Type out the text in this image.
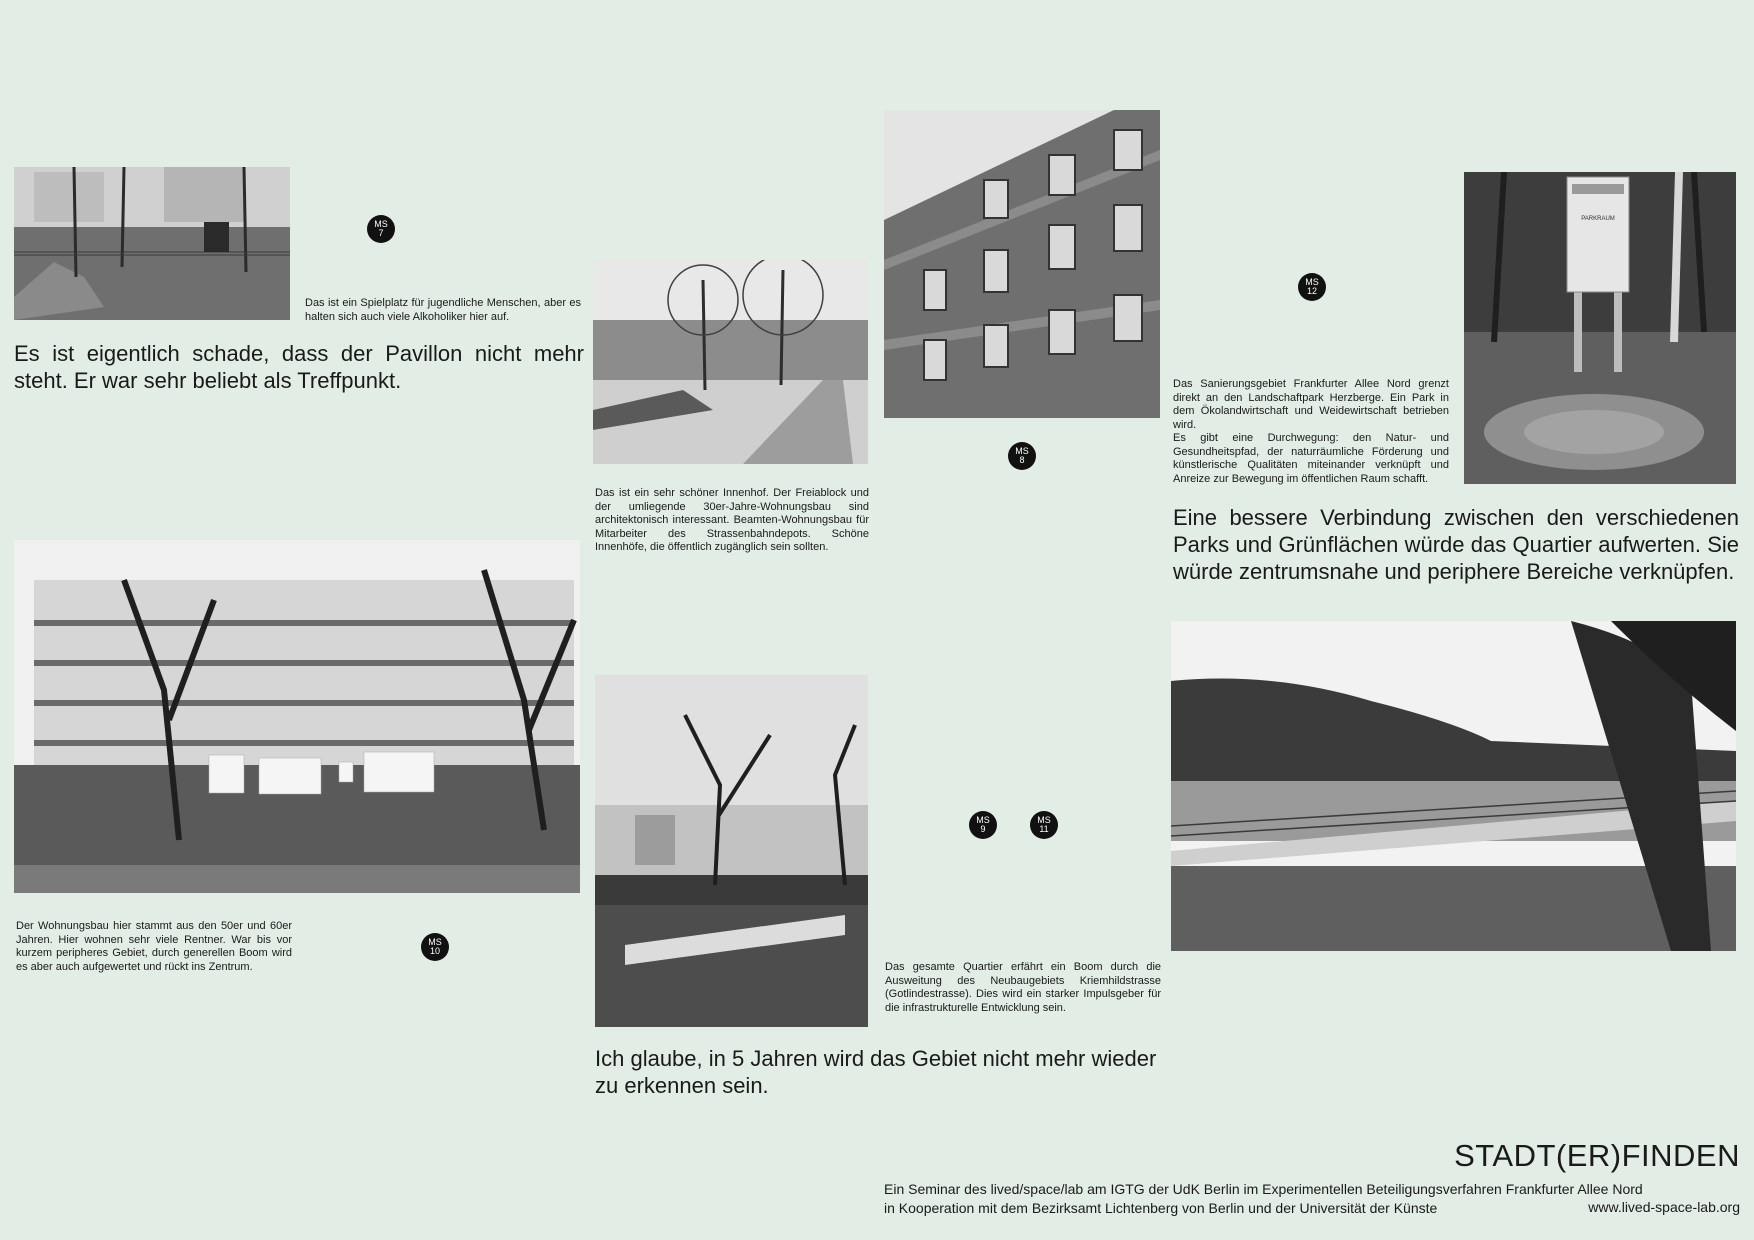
PARKRAUM
MS
7
MS
8
MS
9
MS
10
MS
11
MS
12
Das ist ein Spielplatz für jugendliche Menschen, aber es halten sich auch viele Alkoholiker hier auf.
Das ist ein sehr schöner Innenhof. Der Freiablock und der umliegende 30er-Jahre-Wohnungsbau sind architektonisch interessant. Beamten-Wohnungsbau für Mitarbeiter des Strassenbahndepots. Schöne Innenhöfe, die öffentlich zugänglich sein sollten.
Der Wohnungsbau hier stammt aus den 50er und 60er Jahren. Hier wohnen sehr viele Rentner. War bis vor kurzem peripheres Gebiet, durch generellen Boom wird es aber auch aufgewertet und rückt ins Zentrum.	Das gesamte Quartier erfährt ein Boom durch die Ausweitung des Neubaugebiets Kriemhildstrasse (Gotlindestrasse). Dies wird ein starker Impulsgeber für die infrastrukturelle Entwicklung sein.
Das Sanierungsgebiet Frankfurter Allee Nord grenzt direkt an den Landschaftpark Herzberge. Ein Park in dem Ökolandwirtschaft und Weidewirtschaft betrieben wird.
Es gibt eine Durchwegung: den Natur- und Gesundheitspfad, der naturräumliche Förderung und künstlerische Qualitäten miteinander verknüpft und Anreize zur Bewegung im öffentlichen Raum schafft.
Es ist eigentlich schade, dass der Pavillon nicht mehr steht. Er war sehr beliebt als Treffpunkt.
Eine bessere Verbindung zwischen den verschiedenen Parks und Grünflächen würde das Quartier aufwerten. Sie würde zentrumsnahe und periphere Bereiche verknüpfen.
Ich glaube, in 5 Jahren wird das Gebiet nicht mehr wieder zu erkennen sein.
STADT(ER)FINDEN
Ein Seminar des lived/space/lab am IGTG der UdK Berlin im Experimentellen Beteiligungsverfahren Frankfurter Allee Nord
in Kooperation mit dem Bezirksamt Lichtenberg von Berlin und der Universität der Künste	www.lived-space-lab.org
